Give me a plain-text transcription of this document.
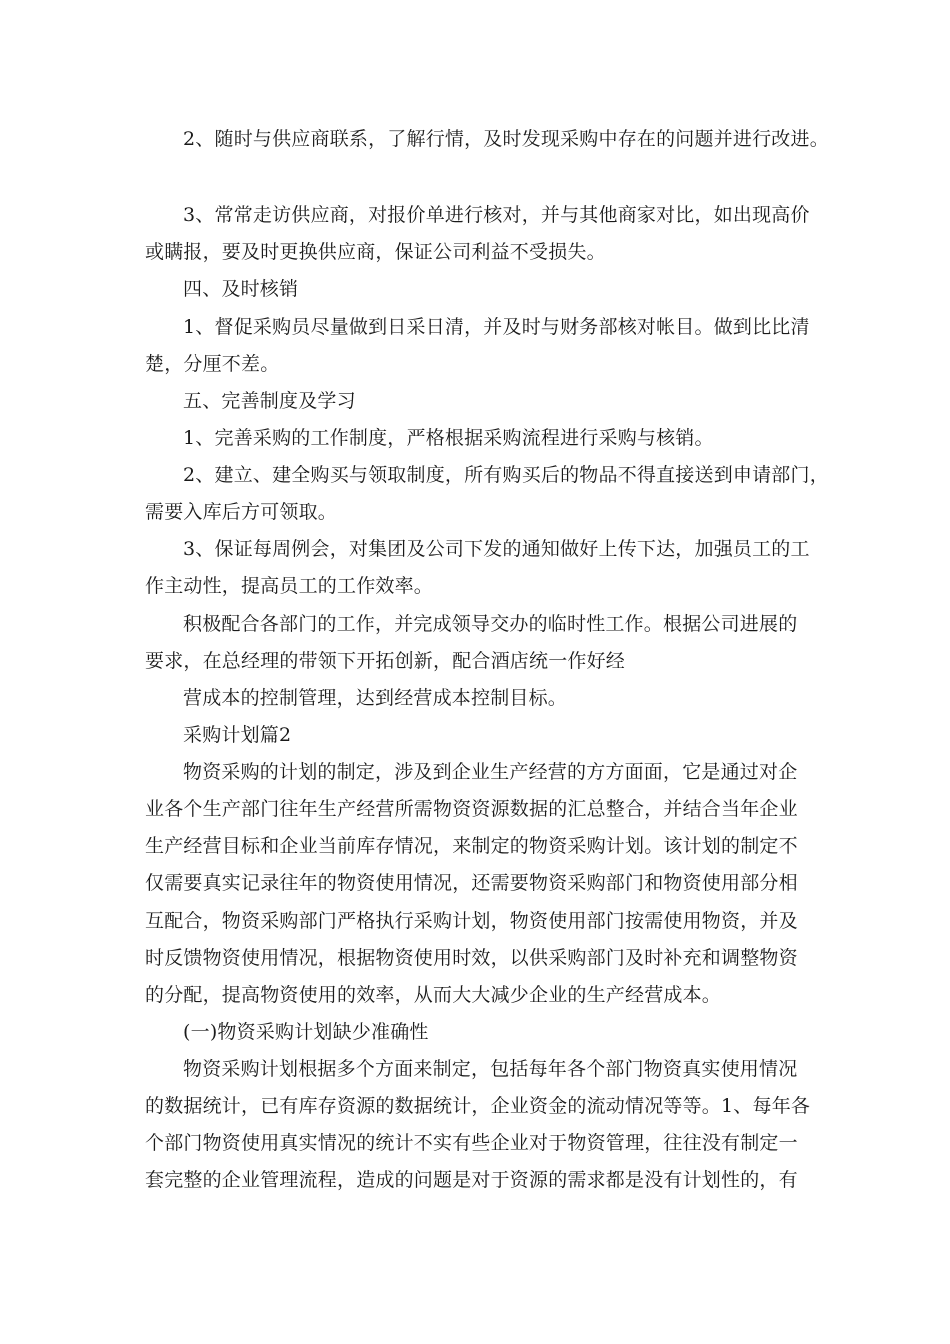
2、随时与供应商联系，了解行情，及时发现采购中存在的问题并进行改进。
3、常常走访供应商，对报价单进行核对，并与其他商家对比，如出现高价
或瞒报，要及时更换供应商，保证公司利益不受损失。
四、及时核销
1、督促采购员尽量做到日采日清，并及时与财务部核对帐目。做到比比清
楚，分厘不差。
五、完善制度及学习
1、完善采购的工作制度，严格根据采购流程进行采购与核销。
2、建立、建全购买与领取制度，所有购买后的物品不得直接送到申请部门，
需要入库后方可领取。
3、保证每周例会，对集团及公司下发的通知做好上传下达，加强员工的工
作主动性，提高员工的工作效率。
积极配合各部门的工作，并完成领导交办的临时性工作。根据公司进展的
要求，在总经理的带领下开拓创新，配合酒店统一作好经
营成本的控制管理，达到经营成本控制目标。
采购计划篇2
物资采购的计划的制定，涉及到企业生产经营的方方面面，它是通过对企
业各个生产部门往年生产经营所需物资资源数据的汇总整合，并结合当年企业
生产经营目标和企业当前库存情况，来制定的物资采购计划。该计划的制定不
仅需要真实记录往年的物资使用情况，还需要物资采购部门和物资使用部分相
互配合，物资采购部门严格执行采购计划，物资使用部门按需使用物资，并及
时反馈物资使用情况，根据物资使用时效，以供采购部门及时补充和调整物资
的分配，提高物资使用的效率，从而大大减少企业的生产经营成本。
(一)物资采购计划缺少准确性
物资采购计划根据多个方面来制定，包括每年各个部门物资真实使用情况
的数据统计，已有库存资源的数据统计，企业资金的流动情况等等。1、每年各
个部门物资使用真实情况的统计不实有些企业对于物资管理，往往没有制定一
套完整的企业管理流程，造成的问题是对于资源的需求都是没有计划性的，有
